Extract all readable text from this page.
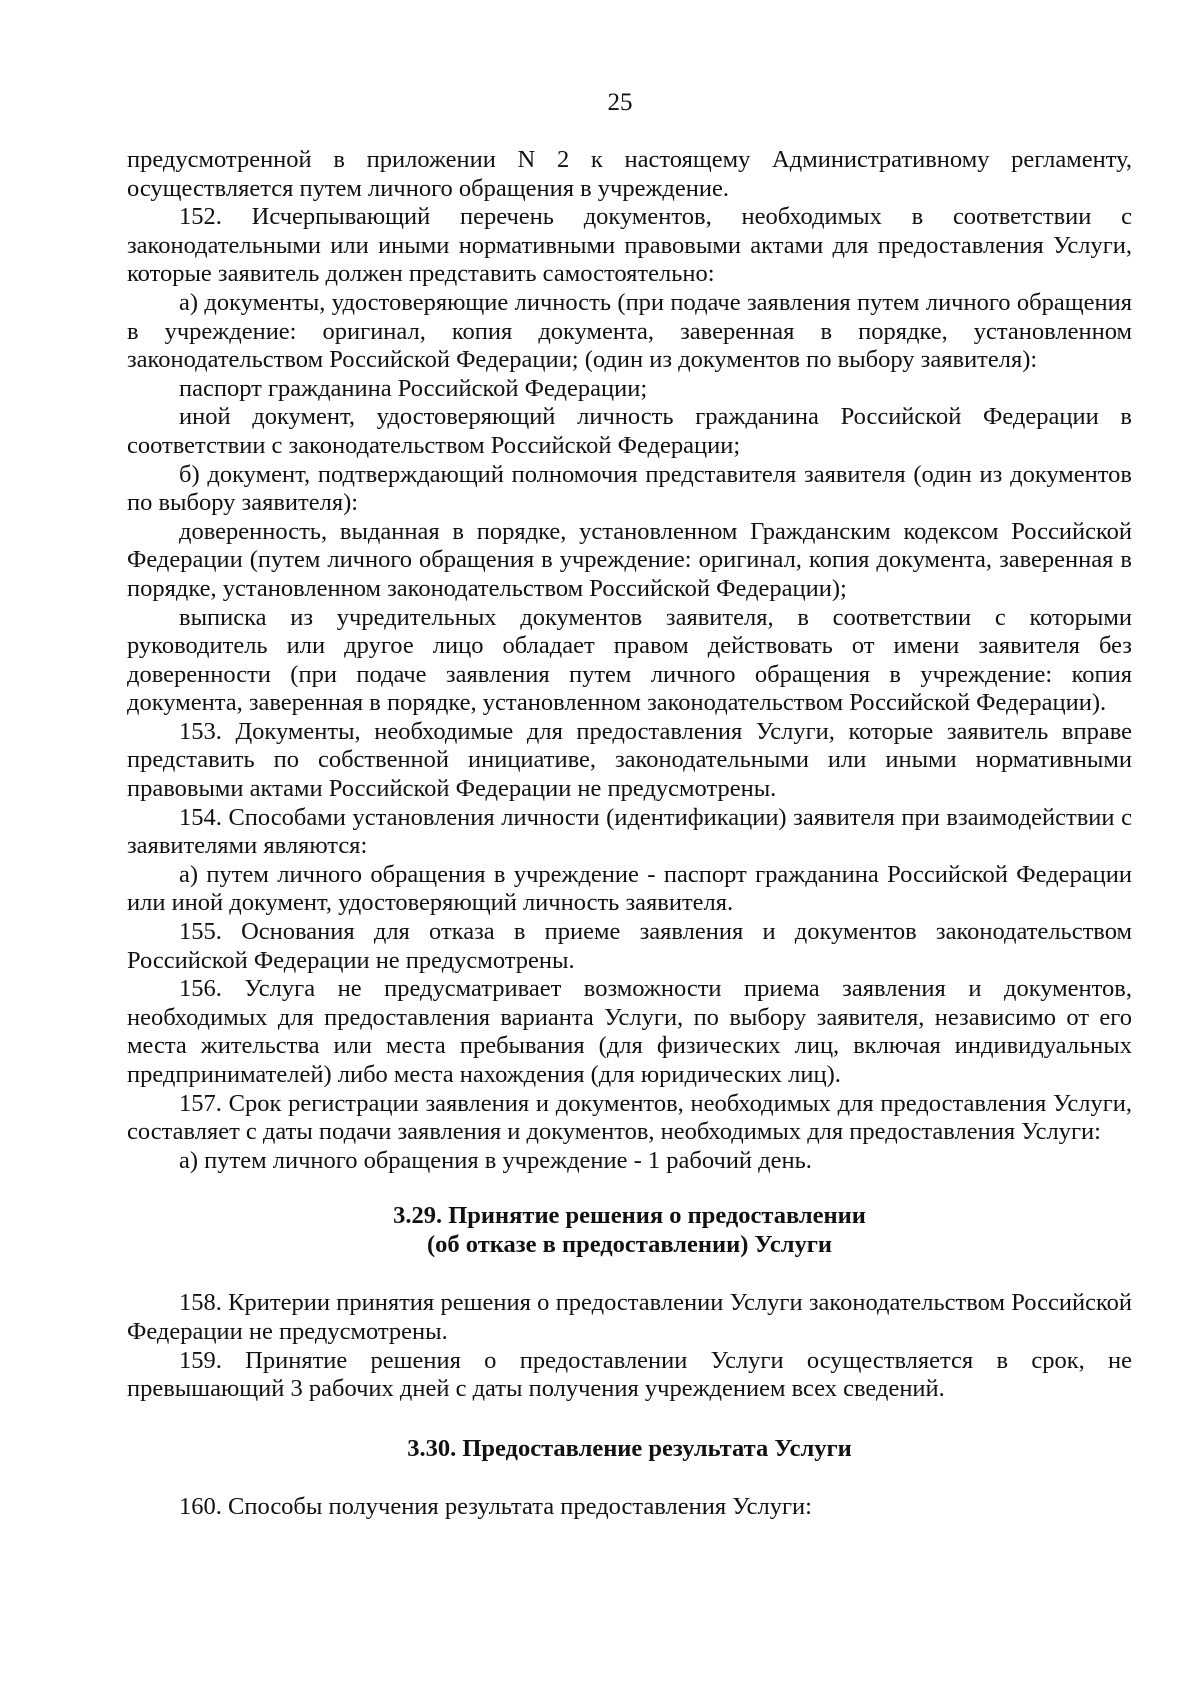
25

предусмотренной в приложении N 2 к настоящему Административному регламенту, осуществляется путем личного обращения в учреждение.

152. Исчерпывающий перечень документов, необходимых в соответствии с законодательными или иными нормативными правовыми актами для предоставления Услуги, которые заявитель должен представить самостоятельно:

а) документы, удостоверяющие личность (при подаче заявления путем личного обращения в учреждение: оригинал, копия документа, заверенная в порядке, установленном законодательством Российской Федерации; (один из документов по выбору заявителя):

паспорт гражданина Российской Федерации;

иной документ, удостоверяющий личность гражданина Российской Федерации в соответствии с законодательством Российской Федерации;

б) документ, подтверждающий полномочия представителя заявителя (один из документов по выбору заявителя):

доверенность, выданная в порядке, установленном Гражданским кодексом Российской Федерации (путем личного обращения в учреждение: оригинал, копия документа, заверенная в порядке, установленном законодательством Российской Федерации);

выписка из учредительных документов заявителя, в соответствии с которыми руководитель или другое лицо обладает правом действовать от имени заявителя без доверенности (при подаче заявления путем личного обращения в учреждение: копия документа, заверенная в порядке, установленном законодательством Российской Федерации).

153. Документы, необходимые для предоставления Услуги, которые заявитель вправе представить по собственной инициативе, законодательными или иными нормативными правовыми актами Российской Федерации не предусмотрены.

154. Способами установления личности (идентификации) заявителя при взаимодействии с заявителями являются:

а) путем личного обращения в учреждение - паспорт гражданина Российской Федерации или иной документ, удостоверяющий личность заявителя.

155. Основания для отказа в приеме заявления и документов законодательством Российской Федерации не предусмотрены.

156. Услуга не предусматривает возможности приема заявления и документов, необходимых для предоставления варианта Услуги, по выбору заявителя, независимо от его места жительства или места пребывания (для физических лиц, включая индивидуальных предпринимателей) либо места нахождения (для юридических лиц).

157. Срок регистрации заявления и документов, необходимых для предоставления Услуги, составляет с даты подачи заявления и документов, необходимых для предоставления Услуги:

а) путем личного обращения в учреждение - 1 рабочий день.

3.29. Принятие решения о предоставлении
(об отказе в предоставлении) Услуги

158. Критерии принятия решения о предоставлении Услуги законодательством Российской Федерации не предусмотрены.

159. Принятие решения о предоставлении Услуги осуществляется в срок, не превышающий 3 рабочих дней с даты получения учреждением всех сведений.

3.30. Предоставление результата Услуги

160. Способы получения результата предоставления Услуги:
